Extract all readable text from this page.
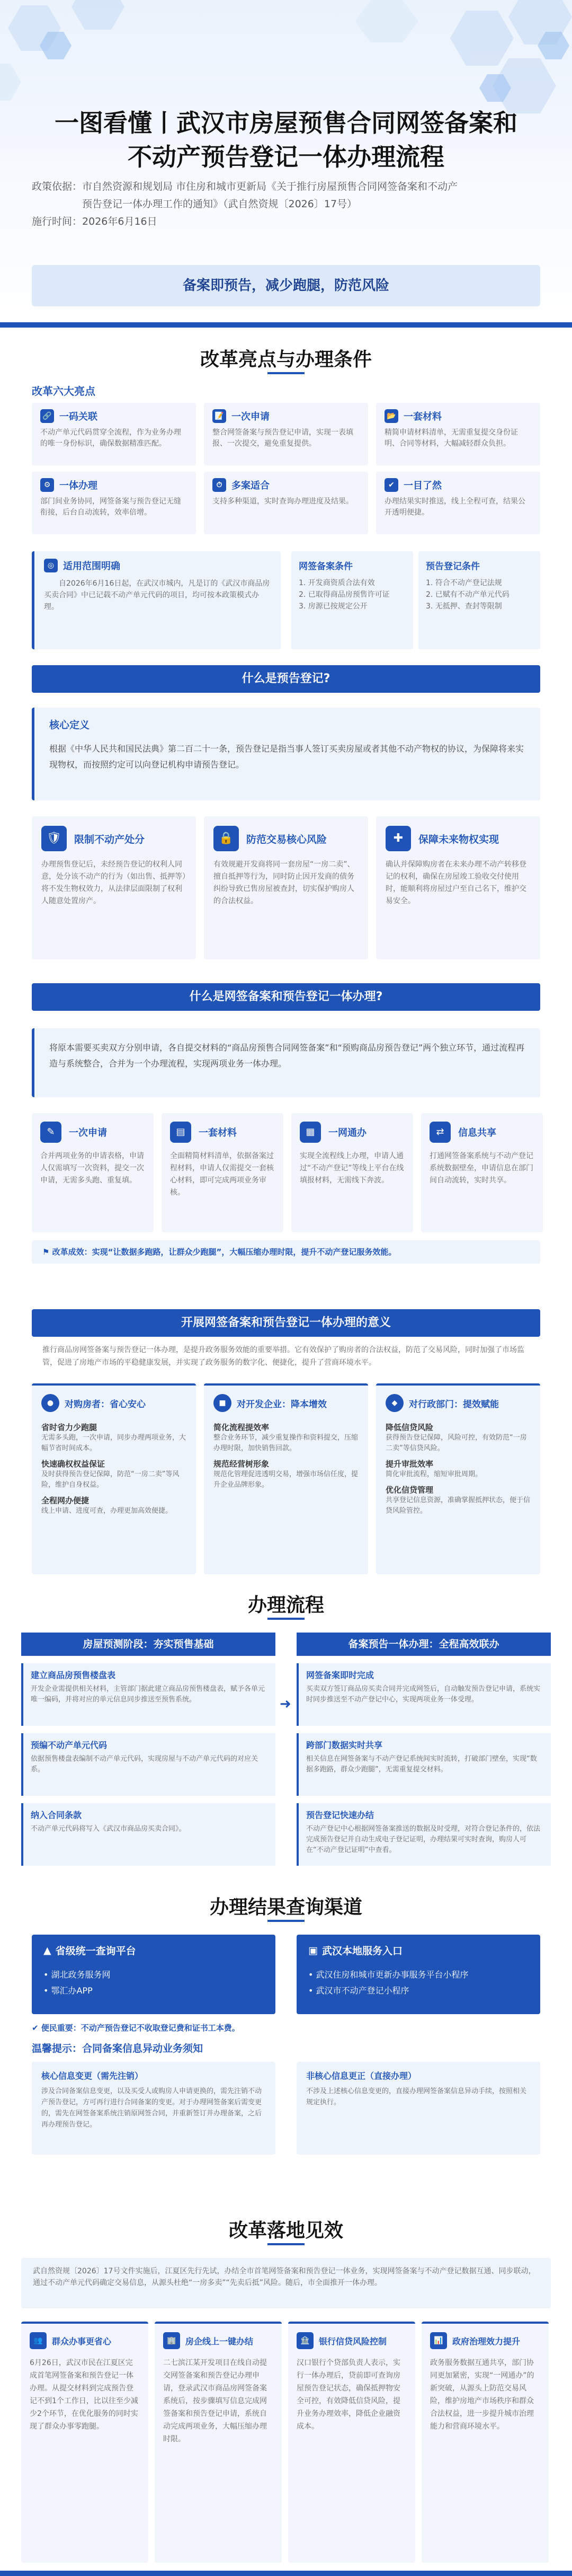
一图看懂丨武汉市房屋预售合同网签备案和
不动产预告登记一体办理流程
政策依据：市自然资源和规划局 市住房和城市更新局《关于推行房屋预售合同网签备案和不动产
预告登记一体办理工作的通知》（武自然资规〔2026〕17号）
施行时间：2026年6月16日
备案即预告，减少跑腿，防范风险
改革亮点与办理条件
改革六大亮点
◎ 适用范围明确
自2026年6月16日起，在武汉市城内，凡是订的《武汉市商品房买卖合同》中已记载不动产单元代码的项目，均可按本政策模式办理。
网签备案条件
1. 开发商资质合法有效
2. 已取得商品房预售许可证
3. 房源已按规定公开
预告登记条件
1. 符合不动产登记法规
2. 已赋有不动产单元代码
3. 无抵押、查封等限制
什么是预告登记?
核心定义
根据《中华人民共和国民法典》第二百二十一条，预告登记是指当事人签订买卖房屋或者其他不动产物权的协议，为保障将来实现物权，而按照约定可以向登记机构申请预告登记。
什么是网签备案和预告登记一体办理?
将原本需要买卖双方分别申请，各自提交材料的“商品房预售合同网签备案”和“预购商品房预告登记”两个独立环节，通过流程再造与系统整合，合并为一个办理流程，实现两项业务一体办理。
⚑ 改革成效：实现“让数据多跑路，让群众少跑腿”，大幅压缩办理时限，提升不动产登记服务效能。
开展网签备案和预告登记一体办理的意义
推行商品房网签备案与预告登记一体办理，是提升政务服务效能的重要举措。它有效保护了购房者的合法权益，防范了交易风险，同时加强了市场监管，促进了房地产市场的平稳健康发展，并实现了政务服务的数字化、便捷化，提升了营商环境水平。
办理流程
房屋预测阶段：夯实预售基础
建立商品房预售楼盘表
开发企业需提供相关材料，主管部门据此建立商品房预售楼盘表，赋予各单元唯一编码，并将对应的单元信息同步推送至预售系统。
预编不动产单元代码
依据预售楼盘表编制不动产单元代码，实现房屋与不动产单元代码的对应关系。
纳入合同条款
不动产单元代码将写入《武汉市商品房买卖合同》。
备案预告一体办理：全程高效联办
网签备案即时完成
买卖双方签订商品房买卖合同并完成网签后，自动触发预告登记申请，系统实时同步推送至不动产登记中心，实现两项业务一体受理。
跨部门数据实时共享
相关信息在网签备案与不动产登记系统间实时流转，打破部门壁垒，实现“数据多跑路，群众少跑腿”，无需重复提交材料。
预告登记快速办结
不动产登记中心根据网签备案推送的数据及时受理，对符合登记条件的，依法完成预告登记并自动生成电子登记证明，办理结果可实时查询，购房人可在“不动产登记证明”中查看。
➜
办理结果查询渠道
▲ 省级统一查询平台
• 湖北政务服务网
• 鄂汇办APP
▣ 武汉本地服务入口
• 武汉住房和城市更新办事服务平台小程序
• 武汉市不动产登记小程序
✔ 便民重要：不动产预告登记不收取登记费和证书工本费。
温馨提示：合同备案信息异动业务须知
核心信息变更（需先注销）
涉及合同备案信息变更，以及买受人或购房人申请更换的，需先注销不动产预告登记，方可再行进行合同备案的变更。对于办理网签备案后需变更的，需先在网签备案系统注销原网签合同，并重新签订并办理备案，之后再办理预告登记。
非核心信息更正（直接办理）
不涉及上述核心信息变更的，直接办理网签备案信息异动手续，按照相关规定执行。
改革落地见效
武自然资规〔2026〕17号文件实施后，江夏区先行先试，办结全市首笔网签备案和预告登记一体业务，实现网签备案与不动产登记数据互通、同步联动，通过不动产单元代码确定交易信息，从源头杜绝“一房多卖”“先卖后抵”风险。随后，市全面推开一体办理。
🔗 一码关联
不动产单元代码贯穿全流程，作为业务办理的唯一身份标识，确保数据精准匹配。
📝 一次申请
整合网签备案与预告登记申请，实现一表填报、一次提交，避免重复提供。
📂 一套材料
精简申请材料清单，无需重复提交身份证明、合同等材料，大幅减轻群众负担。
⚙ 一体办理
部门间业务协同，网签备案与预告登记无缝衔接，后台自动流转，效率倍增。
⏱ 多案适合
支持多种渠道，实时查询办理进度及结果。
✔ 一目了然
办理结果实时推送，线上全程可查，结果公开透明便捷。
🛡	限制不动产处分
办理预售登记后，未经预告登记的权利人同意，处分该不动产的行为（如出售、抵押等）将不发生物权效力，从法律层面限制了权利人随意处置房产。
🔒	防范交易核心风险
有效规避开发商将同一套房屋“一房二卖”、擅自抵押等行为，同时防止因开发商的债务纠纷导致已售房屋被查封，切实保护购房人的合法权益。
✚	保障未来物权实现
确认并保障购房者在未来办理不动产转移登记的权利，确保在房屋竣工验收交付使用时，能顺利将房屋过户至自己名下，维护交易安全。
✎	一次申请
合并两项业务的申请表格，申请人仅需填写一次资料，提交一次申请，无需多头跑、重复填。
▤	一套材料
全面精简材料清单，依据备案过程材料，申请人仅需提交一套核心材料，即可完成两项业务审核。
▦	一网通办
实现全流程线上办理，申请人通过“不动产登记”等线上平台在线填报材料，无需线下奔波。
⇄	信息共享
打通网签备案系统与不动产登记系统数据壁垒，申请信息在部门间自动流转，实时共享。
●	对购房者：省心安心
省时省力少跑腿
无需多头跑，一次申请，同步办理两项业务，大幅节省时间成本。
快速确权权益保证
及时获得预告登记保障，防范“一房二卖”等风险，维护自身权益。
全程网办便捷
线上申请、进度可查，办理更加高效便捷。
■	对开发企业：降本增效
简化流程提效率
整合业务环节，减少重复操作和资料提交，压缩办理时限，加快销售回款。
规范经营树形象
规范化管理促进透明交易，增强市场信任度，提升企业品牌形象。
◆	对行政部门：提效赋能
降低信贷风险
获得预告登记保障，风险可控，有效防范“一房二卖”等信贷风险。
提升审批效率
简化审批流程，缩短审批周期。
优化信贷管理
共享登记信息资源，准确掌握抵押状态，便于信贷风险管控。
👥	群众办事更省心
6月26日，武汉市民在江夏区完成首笔网签备案和预告登记一体办理。从提交材料到完成预告登记不到1个工作日，比以往至少减少2个环节，在优化服务的同时实现了群众办事零跑腿。
🏢	房企线上一键办结
二七滨江某开发项目在线自动提交网签备案和预告登记办理申请，登录武汉市商品房网签备案系统后，按步骤填写信息完成网签备案和预告登记申请，系统自动完成两项业务，大幅压缩办理时限。
🏦	银行信贷风险控制
汉口银行个贷部负责人表示，实行一体办理后，贷前即可查询房屋预告登记状态，确保抵押物安全可控，有效降低信贷风险，提升业务办理效率，降低企业融资成本。
📊	政府治理效力提升
政务服务数据互通共享，部门协同更加紧密，实现“一网通办”的新突破，从源头上防范交易风险，维护房地产市场秩序和群众合法权益，进一步提升城市治理能力和营商环境水平。
